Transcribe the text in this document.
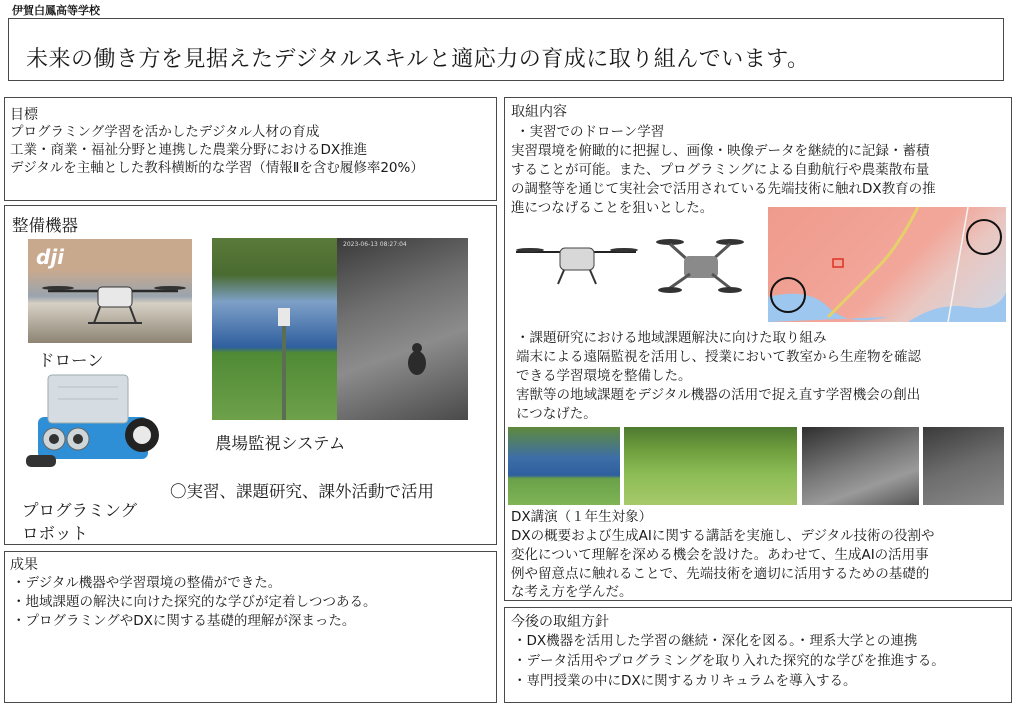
伊賀白鳳高等学校
未来の働き方を見据えたデジタルスキルと適応力の育成に取り組んでいます。
目標
プログラミング学習を活かしたデジタル人材の育成
工業・商業・福祉分野と連携した農業分野におけるDX推進
デジタルを主軸とした教科横断的な学習（情報Ⅱを含む履修率20%）
整備機器
dji
ドローン
プログラミング
ロボット
2023-06-13 08:27:04
農場監視システム
〇実習、課題研究、課外活動で活用
成果
・デジタル機器や学習環境の整備ができた。
・地域課題の解決に向けた探究的な学びが定着しつつある。
・プログラミングやDXに関する基礎的理解が深まった。
取組内容
・実習でのドローン学習
実習環境を俯瞰的に把握し、画像・映像データを継続的に記録・蓄積
することが可能。また、プログラミングによる自動航行や農薬散布量
の調整等を通じて実社会で活用されている先端技術に触れDX教育の推
進につなげることを狙いとした。
・課題研究における地域課題解決に向けた取り組み
端末による遠隔監視を活用し、授業において教室から生産物を確認
できる学習環境を整備した。
害獣等の地域課題をデジタル機器の活用で捉え直す学習機会の創出
につなげた。
DX講演（１年生対象）
DXの概要および生成AIに関する講話を実施し、デジタル技術の役割や
変化について理解を深める機会を設けた。あわせて、生成AIの活用事
例や留意点に触れることで、先端技術を適切に活用するための基礎的
な考え方を学んだ。
今後の取組方針
・DX機器を活用した学習の継続・深化を図る。・理系大学との連携
・データ活用やプログラミングを取り入れた探究的な学びを推進する。
・専門授業の中にDXに関するカリキュラムを導入する。
